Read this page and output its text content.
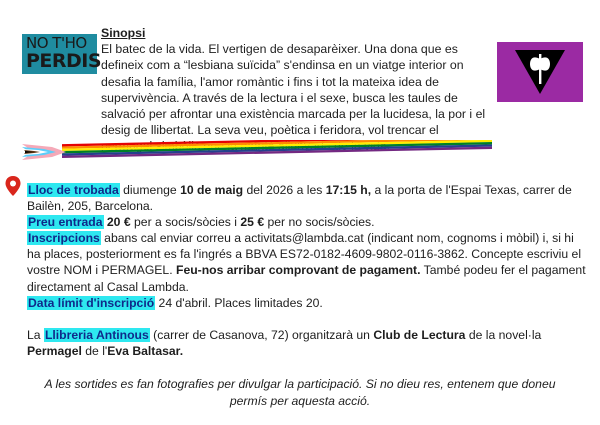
NO T'HO
PERDIS
Sinopsi
El batec de la vida. El vertigen de desaparèixer. Una dona que es defineix com a “lesbiana suïcida” s'endinsa en un viatge interior on desafia la família, l'amor romàntic i fins i tot la mateixa idea de supervivència. A través de la lectura i el sexe, busca les taules de salvació per afrontar una existència marcada per la lucidesa, la por i el desig de llibertat. La seva veu, poètica i feridora, vol trencar el

Lloc de trobada diumenge 10 de maig del 2026 a les 17:15 h, a la porta de l'Espai Texas, carrer de Bailèn, 205, Barcelona.

Preu entrada 20 € per a socis/sòcies i 25 € per no socis/sòcies.

Inscripcions abans cal enviar correu a activitats@lambda.cat (indicant nom, cognoms i mòbil) i, si hi ha places, posteriorment es fa l'ingrés a BBVA ES72-0182-4609-9802-0116-3862. Concepte escriviu el vostre NOM i PERMAGEL. Feu-nos arribar comprovant de pagament. També podeu fer el pagament directament al Casal Lambda.

Data límit d'inscripció 24 d'abril. Places limitades 20.

La Llibreria Antinous (carrer de Casanova, 72) organitzarà un Club de Lectura de la novel·la Permagel de l'Eva Baltasar.

A les sortides es fan fotografies per divulgar la participació. Si no dieu res, entenem que doneu permís per aquesta acció.
